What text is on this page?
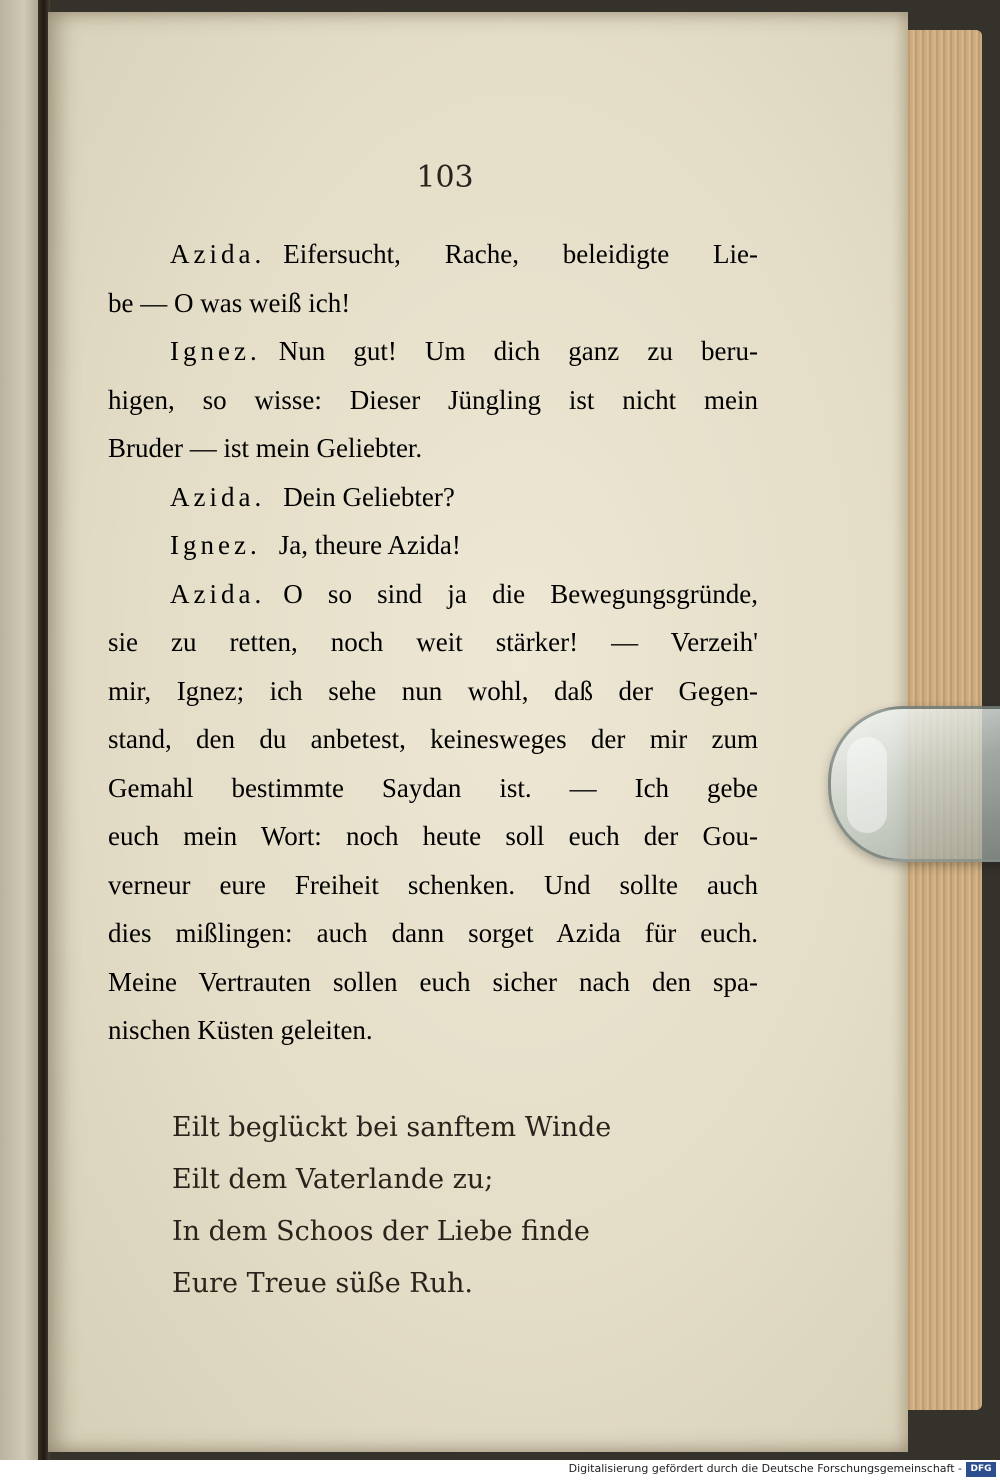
103

Azida. Eifersucht, Rache, beleidigte Lie-
be — O was weiß ich!

Ignez. Nun gut! Um dich ganz zu beru-
higen, so wisse: Dieser Jüngling ist nicht mein
Bruder — ist mein Geliebter.

Azida. Dein Geliebter?

Ignez. Ja, theure Azida!

Azida. O so sind ja die Bewegungsgründe,
sie zu retten, noch weit stärker! — Verzeih'
mir, Ignez; ich sehe nun wohl, daß der Gegen-
stand, den du anbetest, keinesweges der mir zum
Gemahl bestimmte Saydan ist. — Ich gebe
euch mein Wort: noch heute soll euch der Gou-
verneur eure Freiheit schenken. Und sollte auch
dies mißlingen: auch dann sorget Azida für euch.
Meine Vertrauten sollen euch sicher nach den spa-
nischen Küsten geleiten.

Eilt beglückt bei sanftem Winde
Eilt dem Vaterlande zu;
In dem Schoos der Liebe finde
Eure Treue süße Ruh.
Digitalisierung gefördert durch die Deutsche Forschungsgemeinschaft - DFG
